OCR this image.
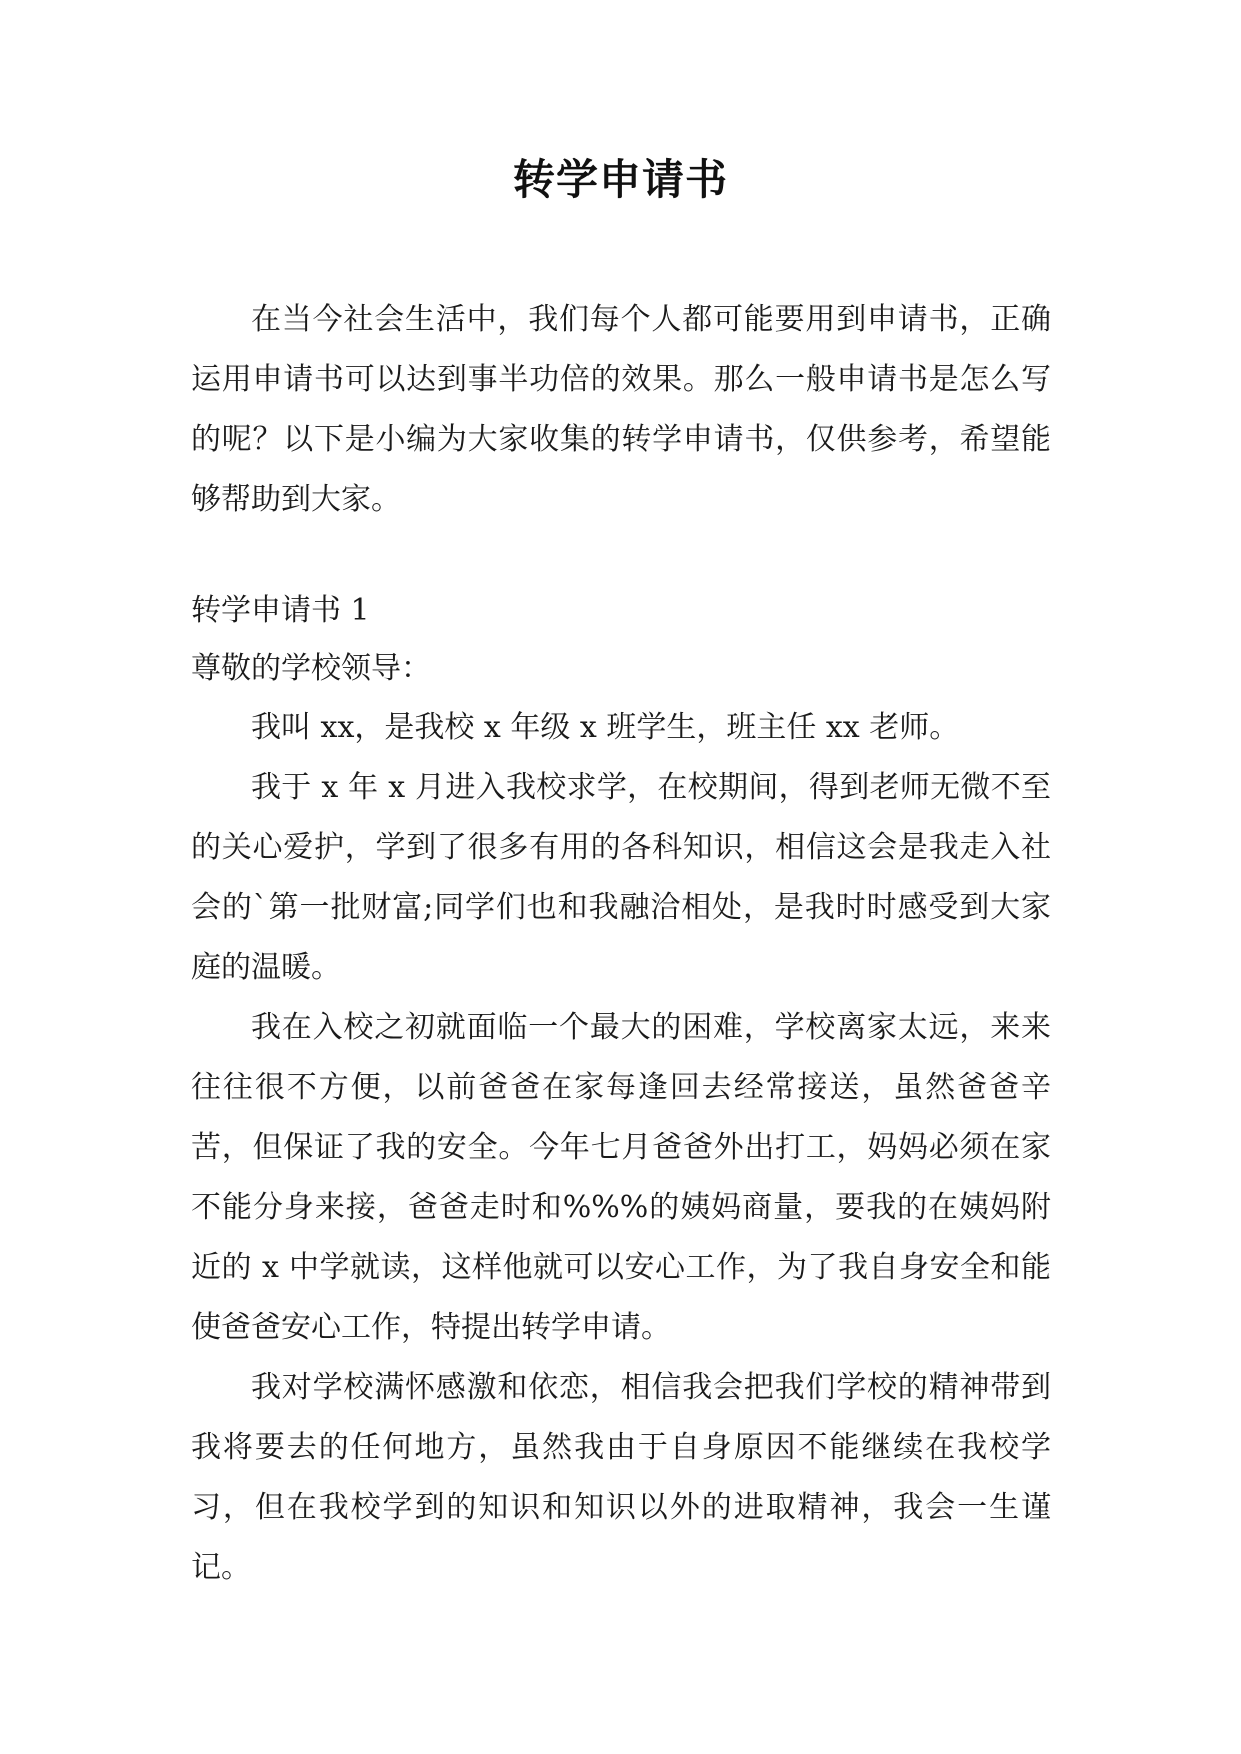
转学申请书

在当今社会生活中，我们每个人都可能要用到申请书，正确运用申请书可以达到事半功倍的效果。那么一般申请书是怎么写的呢？以下是小编为大家收集的转学申请书，仅供参考，希望能够帮助到大家。

转学申请书 1

尊敬的学校领导：

我叫 xx，是我校 x 年级 x 班学生，班主任 xx 老师。

我于 x 年 x 月进入我校求学，在校期间，得到老师无微不至的关心爱护，学到了很多有用的各科知识，相信这会是我走入社会的`第一批财富;同学们也和我融洽相处，是我时时感受到大家庭的温暖。

我在入校之初就面临一个最大的困难，学校离家太远，来来往往很不方便，以前爸爸在家每逢回去经常接送，虽然爸爸辛苦，但保证了我的安全。今年七月爸爸外出打工，妈妈必须在家不能分身来接，爸爸走时和%%%的姨妈商量，要我的在姨妈附近的 x 中学就读，这样他就可以安心工作，为了我自身安全和能使爸爸安心工作，特提出转学申请。

我对学校满怀感激和依恋，相信我会把我们学校的精神带到我将要去的任何地方，虽然我由于自身原因不能继续在我校学习，但在我校学到的知识和知识以外的进取精神，我会一生谨记。
